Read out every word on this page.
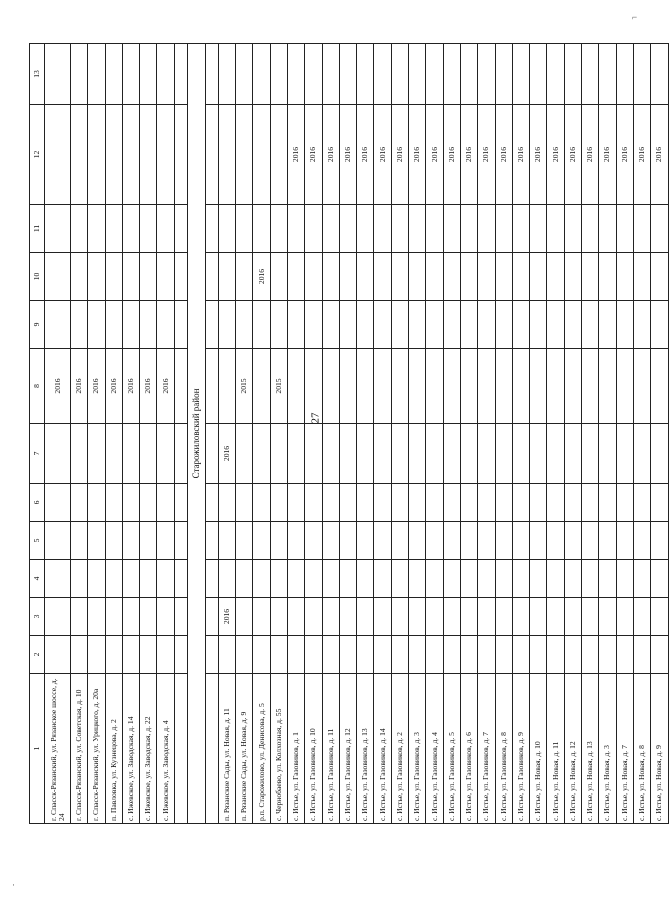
27
1	2	3	4	5	6	7	8	9	10	11	12	13
г. Спасск-Рязанский, ул. Рязанское шоссе, д. 24							2016					
г. Спасск-Рязанский, ул. Советская, д. 10							2016					
г. Спасск-Рязанский, ул. Урицкого, д. 20а							2016					
п. Павловка, ул. Кузнецова, д. 2							2016					
с. Ижевское, ул. Заводская, д. 14							2016					
с. Ижевское, ул. Заводская, д. 22							2016					
с. Ижевское, ул. Заводская, д. 4							2016					

Старожиловский район												

п. Рязанские Сады, ул. Новая, д. 11		2016				2016						
п. Рязанские Сады, ул. Новая, д. 9							2015					
р.п. Старожилово, ул. Денисова, д. 5									2016			
с. Чернобаево, ул. Колхозная, д. 55							2015					
с. Истье, ул. Газовиков, д. 1											2016	
с. Истье, ул. Газовиков, д. 10											2016	
с. Истье, ул. Газовиков, д. 11											2016	
с. Истье, ул. Газовиков, д. 12											2016	
с. Истье, ул. Газовиков, д. 13											2016	
с. Истье, ул. Газовиков, д. 14											2016	
с. Истье, ул. Газовиков, д. 2											2016	
с. Истье, ул. Газовиков, д. 3											2016	
с. Истье, ул. Газовиков, д. 4											2016	
с. Истье, ул. Газовиков, д. 5											2016	
с. Истье, ул. Газовиков, д. 6											2016	
с. Истье, ул. Газовиков, д. 7											2016	
с. Истье, ул. Газовиков, д. 8											2016	
с. Истье, ул. Газовиков, д. 9											2016	
с. Истье, ул. Новая, д. 10											2016	
с. Истье, ул. Новая, д. 11											2016	
с. Истье, ул. Новая, д. 12											2016	
с. Истье, ул. Новая, д. 13											2016	
с. Истье, ул. Новая, д. 3											2016	
с. Истье, ул. Новая, д. 7											2016	
с. Истье, ул. Новая, д. 8											2016	
с. Истье, ул. Новая, д. 9											2016	
⌐
·
